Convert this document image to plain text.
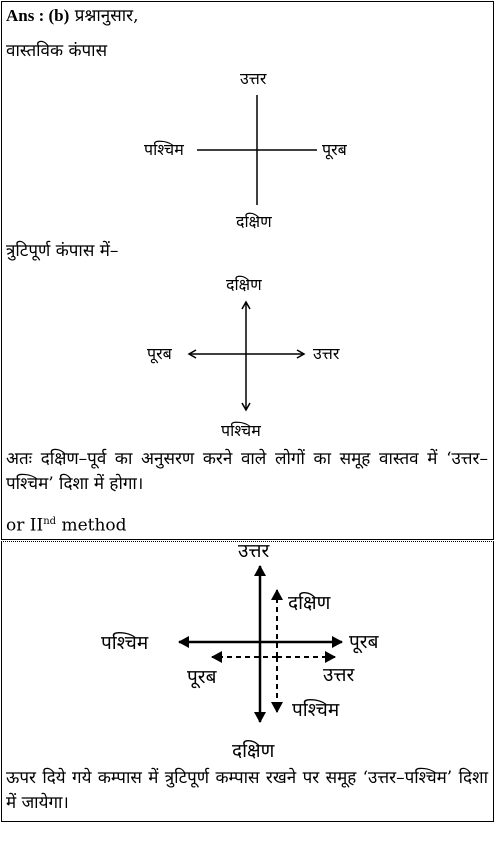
Ans : (b) प्रश्नानुसार,
वास्तविक कंपास
उत्तर
पश्चिम	पूरब
दक्षिण
त्रुटिपूर्ण कंपास में–
दक्षिण
पूरब	उत्तर
पश्चिम
अतः दक्षिण–पूर्व का अनुसरण करने वाले लोगों का समूह वास्तव में ‘उत्तर–पश्चिम’ दिशा में होगा।
or IInd method
उत्तर
दक्षिण
पश्चिम	पूरब
पूरब	उत्तर
पश्चिम
दक्षिण
ऊपर दिये गये कम्पास में त्रुटिपूर्ण कम्पास रखने पर समूह ‘उत्तर–पश्चिम’ दिशा में जायेगा।
